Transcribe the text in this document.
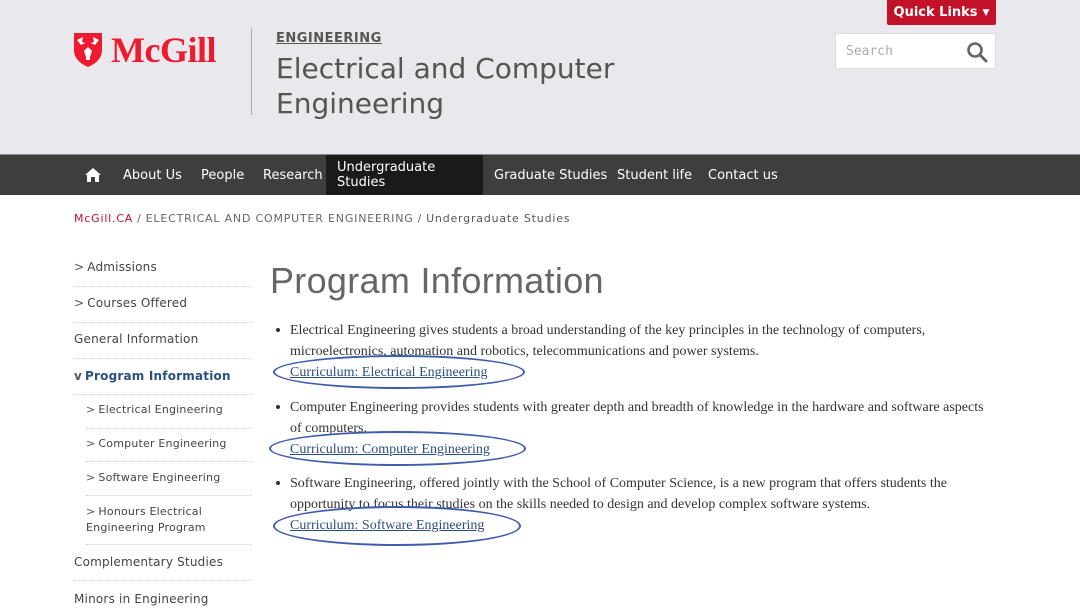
McGill	ENGINEERING
Electrical and Computer Engineering
Quick Links ▼
Search
About Us	People	Research	Undergraduate Studies	Graduate Studies Student life	Contact us
McGill.CA / ELECTRICAL AND COMPUTER ENGINEERING / Undergraduate Studies
> Admissions
> Courses Offered
General Information
v Program Information
> Electrical Engineering
> Computer Engineering
> Software Engineering
> Honours Electrical Engineering Program
Complementary Studies
Minors in Engineering
Program Information
Electrical Engineering gives students a broad understanding of the key principles in the technology of computers, microelectronics, automation and robotics, telecommunications and power systems.
Curriculum: Electrical Engineering
Computer Engineering provides students with greater depth and breadth of knowledge in the hardware and software aspects of computers.
Curriculum: Computer Engineering
Software Engineering, offered jointly with the School of Computer Science, is a new program that offers students the opportunity to focus their studies on the skills needed to design and develop complex software systems.
Curriculum: Software Engineering
